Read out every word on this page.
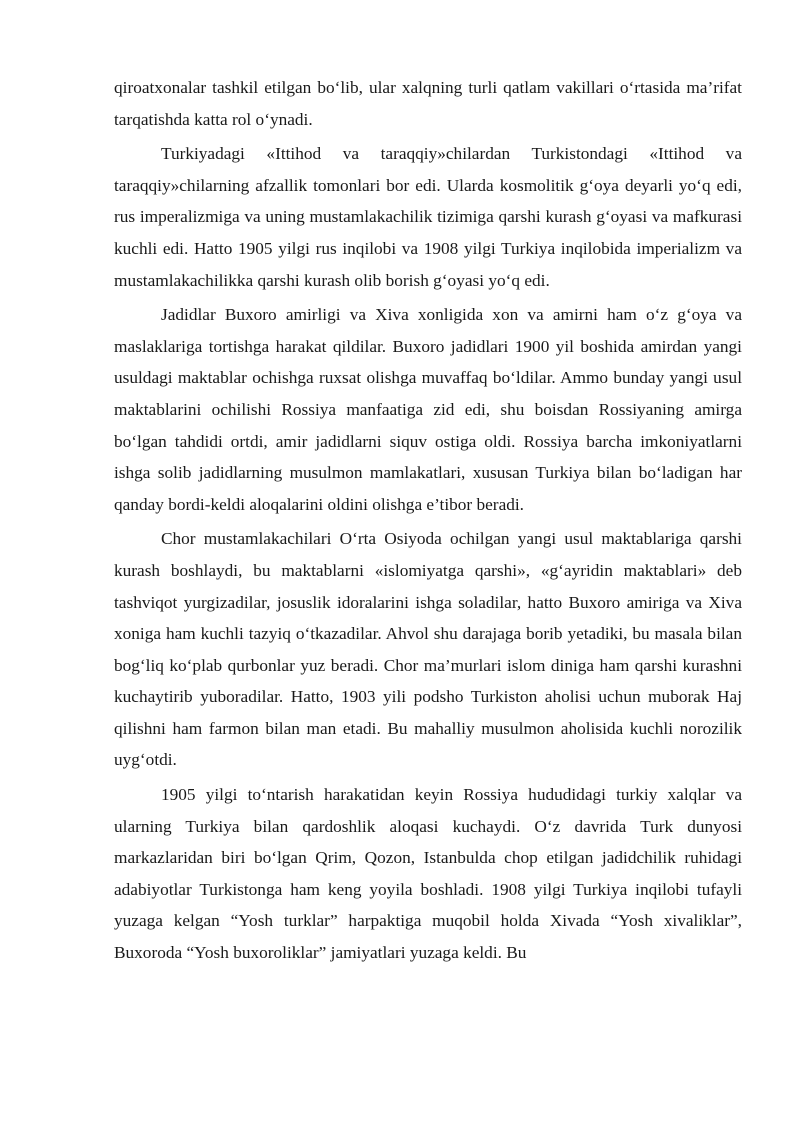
qiroatxonalar tashkil etilgan bo‘lib, ular xalqning turli qatlam vakillari o‘rtasida ma’rifat tarqatishda katta rol o‘ynadi.

Turkiyadagi «Ittihod va taraqqiy»chilardan Turkistondagi «Ittihod va taraqqiy»chilarning afzallik tomonlari bor edi. Ularda kosmolitik g‘oya deyarli yo‘q edi, rus imperalizmiga va uning mustamlakachilik tizimiga qarshi kurash g‘oyasi va mafkurasi kuchli edi. Hatto 1905 yilgi rus inqilobi va 1908 yilgi Turkiya inqilobida imperializm va mustamlakachilikka qarshi kurash olib borish g‘oyasi yo‘q edi.

Jadidlar Buxoro amirligi va Xiva xonligida xon va amirni ham o‘z g‘oya va maslaklariga tortishga harakat qildilar. Buxoro jadidlari 1900 yil boshida amirdan yangi usuldagi maktablar ochishga ruxsat olishga muvaffaq bo‘ldilar. Ammo bunday yangi usul maktablarini ochilishi Rossiya manfaatiga zid edi, shu boisdan Rossiyaning amirga bo‘lgan tahdidi ortdi, amir jadidlarni siquv ostiga oldi. Rossiya barcha imkoniyatlarni ishga solib jadidlarning musulmon mamlakatlari, xususan Turkiya bilan bo‘ladigan har qanday bordi-keldi aloqalarini oldini olishga e’tibor beradi.

Chor mustamlakachilari O‘rta Osiyoda ochilgan yangi usul maktablariga qarshi kurash boshlaydi, bu maktablarni «islomiyatga qarshi», «g‘ayridin maktablari» deb tashviqot yurgizadilar, josuslik idoralarini ishga soladilar, hatto Buxoro amiriga va Xiva xoniga ham kuchli tazyiq o‘tkazadilar. Ahvol shu darajaga borib yetadiki, bu masala bilan bog‘liq ko‘plab qurbonlar yuz beradi. Chor ma’murlari islom diniga ham qarshi kurashni kuchaytirib yuboradilar. Hatto, 1903 yili podsho Turkiston aholisi uchun muborak Haj qilishni ham farmon bilan man etadi. Bu mahalliy musulmon aholisida kuchli norozilik uyg‘otdi.

1905 yilgi to‘ntarish harakatidan keyin Rossiya hududidagi turkiy xalqlar va ularning Turkiya bilan qardoshlik aloqasi kuchaydi. O‘z davrida Turk dunyosi markazlaridan biri bo‘lgan Qrim, Qozon, Istanbulda chop etilgan jadidchilik ruhidagi adabiyotlar Turkistonga ham keng yoyila boshladi. 1908 yilgi Turkiya inqilobi tufayli yuzaga kelgan “Yosh turklar” harpaktiga muqobil holda Xivada “Yosh xivaliklar”, Buxoroda “Yosh buxoroliklar” jamiyatlari yuzaga keldi. Bu
